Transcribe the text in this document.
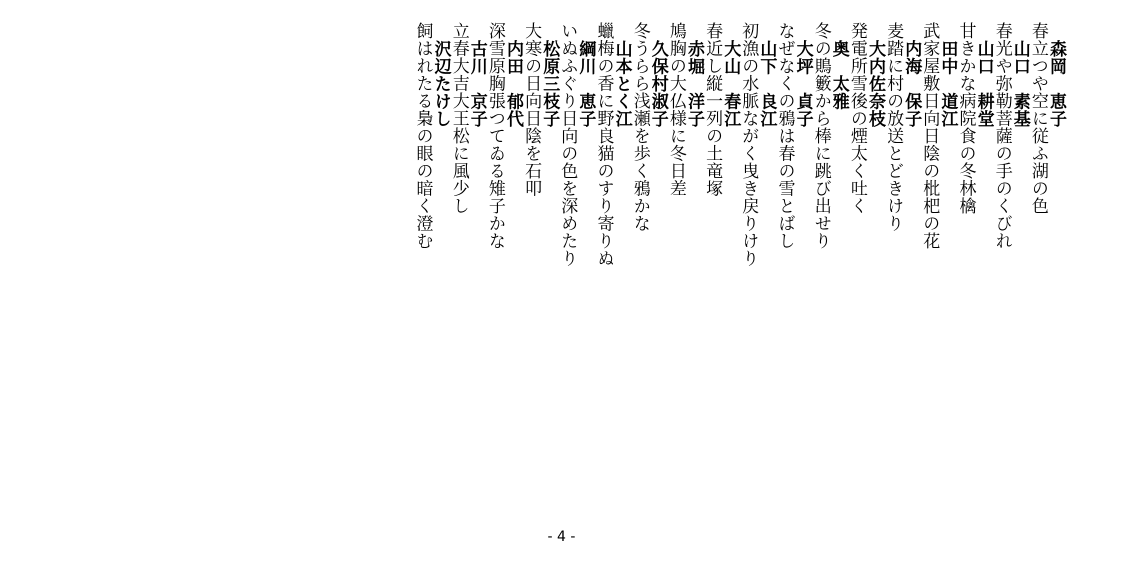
森岡　恵子
春立つや空に従ふ湖の色
山口　素基
春光や弥勒菩薩の手のくびれ
山口　耕堂
甘きかな病院食の冬林檎
田中　道江
武家屋敷日向日陰の枇杷の花
内海　保子
麦踏に村の放送とどきけり
大内佐奈枝
発電所雪後の煙太く吐く
奥　太雅
冬の鵙籔から棒に跳び出せり
大坪　貞子
なぜなくの鴉は春の雪とばし
山下　良江
初漁の水脈ながく曳き戻りけり
大山　春江
春近し縦一列の土竜塚
赤堀　洋子
鳩胸の大仏様に冬日差
久保村淑子
冬うらら浅瀬を歩く鴉かな
山本とく江
蠟梅の香に野良猫のすり寄りぬ
綱川　恵子
いぬふぐり日向の色を深めたり
松原三枝子
大寒の日向日陰を石叩
内田　郁代
深雪原胸張つてゐる雉子かな
古川　京子
立春大吉大王松に風少し
沢辺たけし
飼はれたる梟の眼の暗く澄む
- 4 -
